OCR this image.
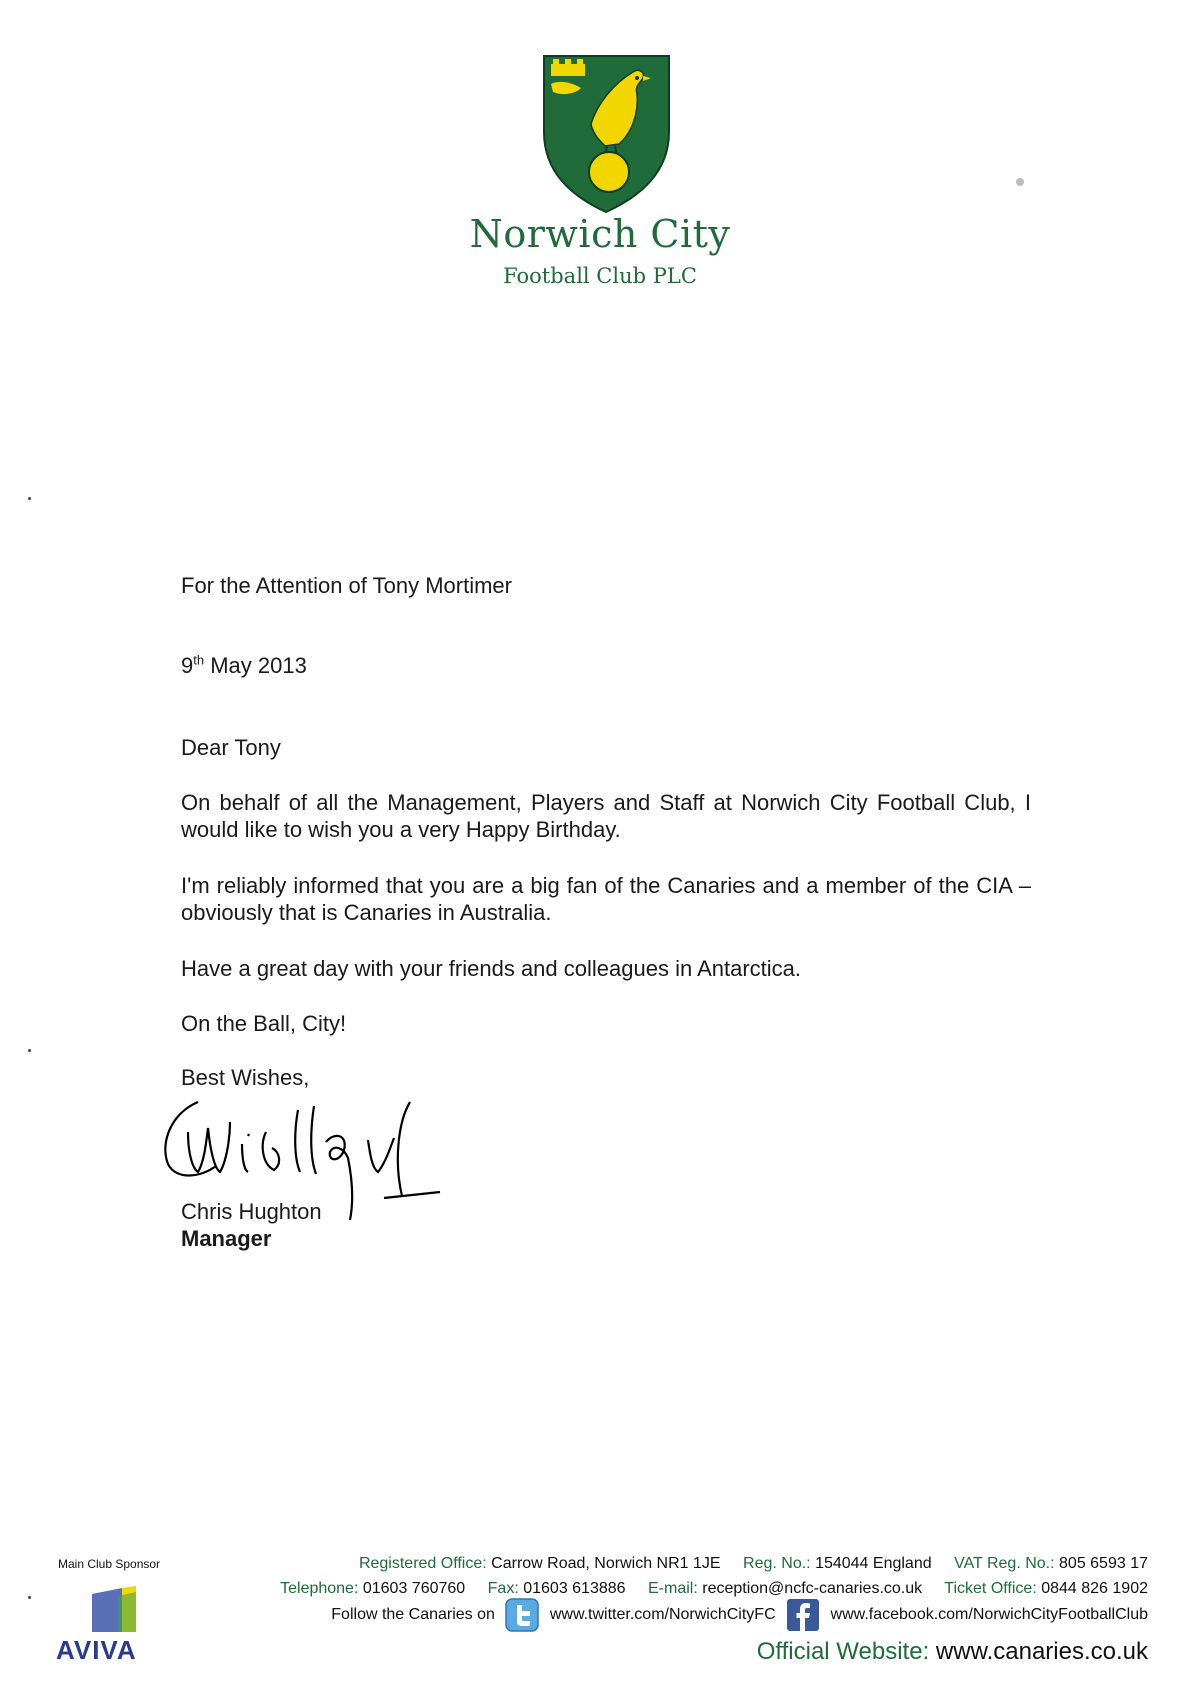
Norwich City
Football Club PLC
For the Attention of Tony Mortimer
9th May 2013
Dear Tony
On behalf of all the Management, Players and Staff at Norwich City Football Club, I would like to wish you a very Happy Birthday.
I'm reliably informed that you are a big fan of the Canaries and a member of the CIA – obviously that is Canaries in Australia.
Have a great day with your friends and colleagues in Antarctica.
On the Ball, City!
Best Wishes,
Chris Hughton
Manager
Main Club Sponsor
AVIVA
Registered Office: Carrow Road, Norwich NR1 1JE Reg. No.: 154044 England VAT Reg. No.: 805 6593 17
Telephone: 01603 760760 Fax: 01603 613886 E-mail: reception@ncfc-canaries.co.uk Ticket Office: 0844 826 1902
Follow the Canaries on	www.twitter.com/NorwichCityFC	www.facebook.com/NorwichCityFootballClub
Official Website: www.canaries.co.uk
